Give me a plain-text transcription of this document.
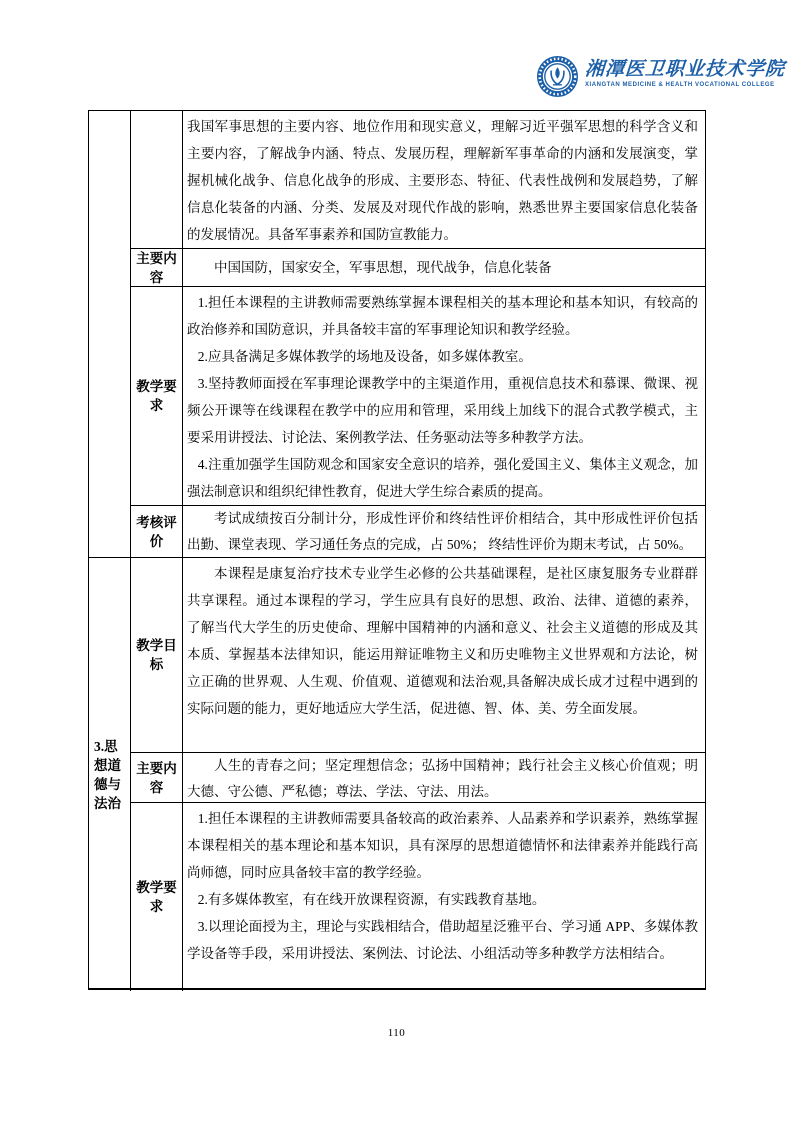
湘潭医卫职业技术学院
XIANGTAN MEDICINE & HEALTH VOCATIONAL COLLEGE
3.思想道德与法治

我国军事思想的主要内容、地位作用和现实意义，理解习近平强军思想的科学含义和主要内容，了解战争内涵、特点、发展历程，理解新军事革命的内涵和发展演变，掌握机械化战争、信息化战争的形成、主要形态、特征、代表性战例和发展趋势，了解信息化装备的内涵、分类、发展及对现代作战的影响，熟悉世界主要国家信息化装备的发展情况。具备军事素养和国防宣教能力。

主要内容

中国国防，国家安全，军事思想，现代战争，信息化装备

教学要求

1.担任本课程的主讲教师需要熟练掌握本课程相关的基本理论和基本知识，有较高的政治修养和国防意识，并具备较丰富的军事理论知识和教学经验。

2.应具备满足多媒体教学的场地及设备，如多媒体教室。

3.坚持教师面授在军事理论课教学中的主渠道作用，重视信息技术和慕课、微课、视频公开课等在线课程在教学中的应用和管理，采用线上加线下的混合式教学模式，主要采用讲授法、讨论法、案例教学法、任务驱动法等多种教学方法。

4.注重加强学生国防观念和国家安全意识的培养，强化爱国主义、集体主义观念，加强法制意识和组织纪律性教育，促进大学生综合素质的提高。

考核评价

考试成绩按百分制计分，形成性评价和终结性评价相结合，其中形成性评价包括出勤、课堂表现、学习通任务点的完成，占 50%； 终结性评价为期末考试，占 50%。

教学目标

本课程是康复治疗技术专业学生必修的公共基础课程，是社区康复服务专业群群共享课程。通过本课程的学习，学生应具有良好的思想、政治、法律、道德的素养，了解当代大学生的历史使命、理解中国精神的内涵和意义、社会主义道德的形成及其本质、掌握基本法律知识，能运用辩证唯物主义和历史唯物主义世界观和方法论，树立正确的世界观、人生观、价值观、道德观和法治观,具备解决成长成才过程中遇到的实际问题的能力，更好地适应大学生活，促进德、智、体、美、劳全面发展。

主要内容

人生的青春之问；坚定理想信念；弘扬中国精神；践行社会主义核心价值观；明大德、守公德、严私德；尊法、学法、守法、用法。

教学要求

1.担任本课程的主讲教师需要具备较高的政治素养、人品素养和学识素养，熟练掌握本课程相关的基本理论和基本知识，具有深厚的思想道德情怀和法律素养并能践行高尚师德，同时应具备较丰富的教学经验。

2.有多媒体教室，有在线开放课程资源，有实践教育基地。

3.以理论面授为主，理论与实践相结合，借助超星泛雅平台、学习通 APP、多媒体教学设备等手段，采用讲授法、案例法、讨论法、小组活动等多种教学方法相结合。

110
